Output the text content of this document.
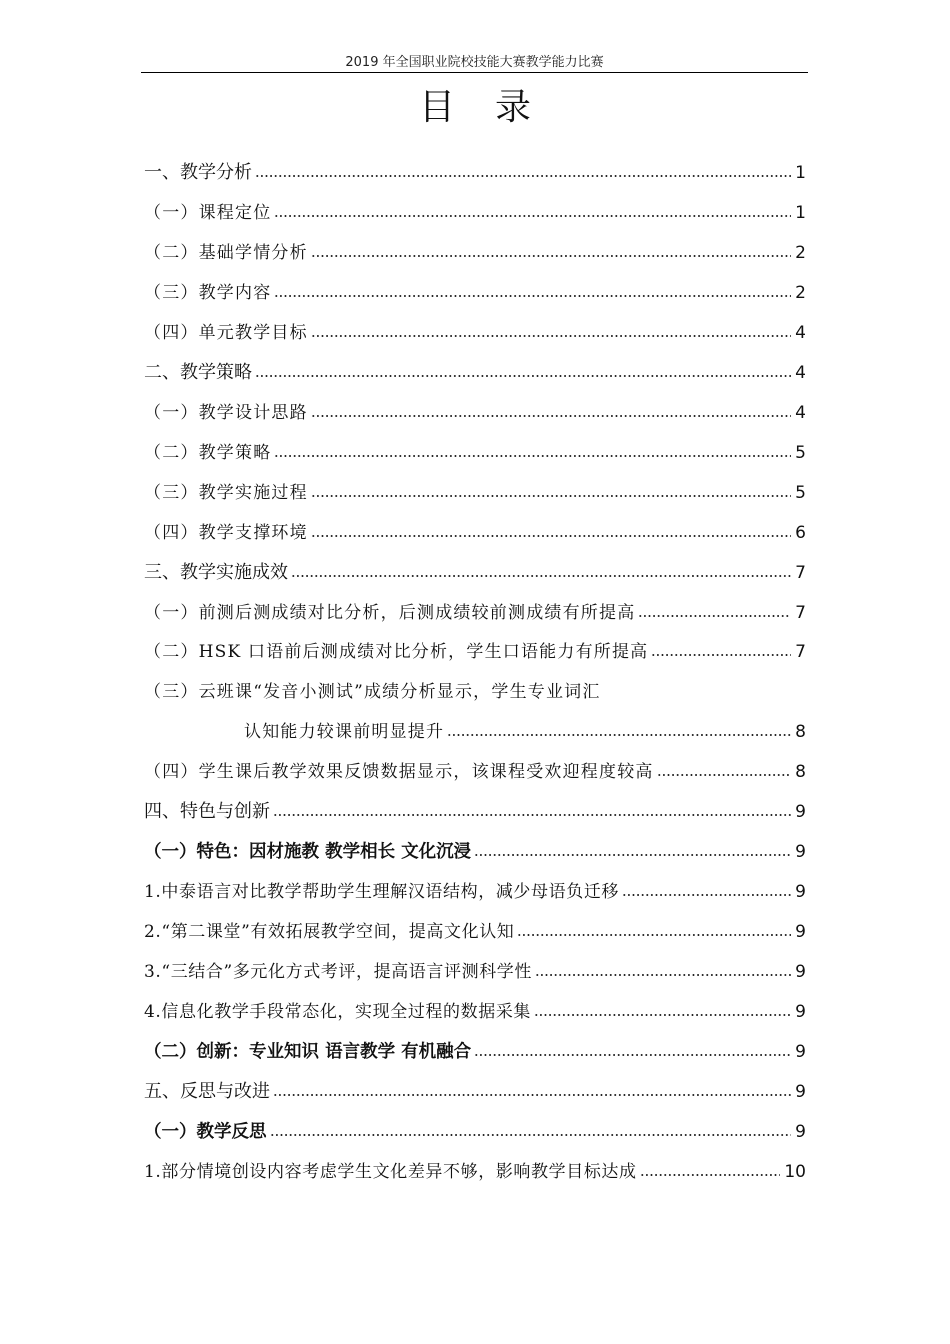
2019 年全国职业院校技能大赛教学能力比赛
目录
一、教学分析	1
（一）课程定位	1
（二）基础学情分析	2
（三）教学内容	2
（四）单元教学目标	4
二、教学策略	4
（一）教学设计思路	4
（二）教学策略	5
（三）教学实施过程	5
（四）教学支撑环境	6
三、教学实施成效	7
（一）前测后测成绩对比分析，后测成绩较前测成绩有所提高	7
（二）HSK 口语前后测成绩对比分析，学生口语能力有所提高	7
（三）云班课“发音小测试”成绩分析显示，学生专业词汇
认知能力较课前明显提升	8
（四）学生课后教学效果反馈数据显示，该课程受欢迎程度较高	8
四、特色与创新	9
（一）特色：因材施教 教学相长 文化沉浸	9
1.中泰语言对比教学帮助学生理解汉语结构，减少母语负迁移	9
2.“第二课堂”有效拓展教学空间，提高文化认知	9
3.“三结合”多元化方式考评，提高语言评测科学性	9
4.信息化教学手段常态化，实现全过程的数据采集	9
（二）创新：专业知识 语言教学 有机融合	9
五、反思与改进	9
（一）教学反思	9
1.部分情境创设内容考虑学生文化差异不够，影响教学目标达成	10
